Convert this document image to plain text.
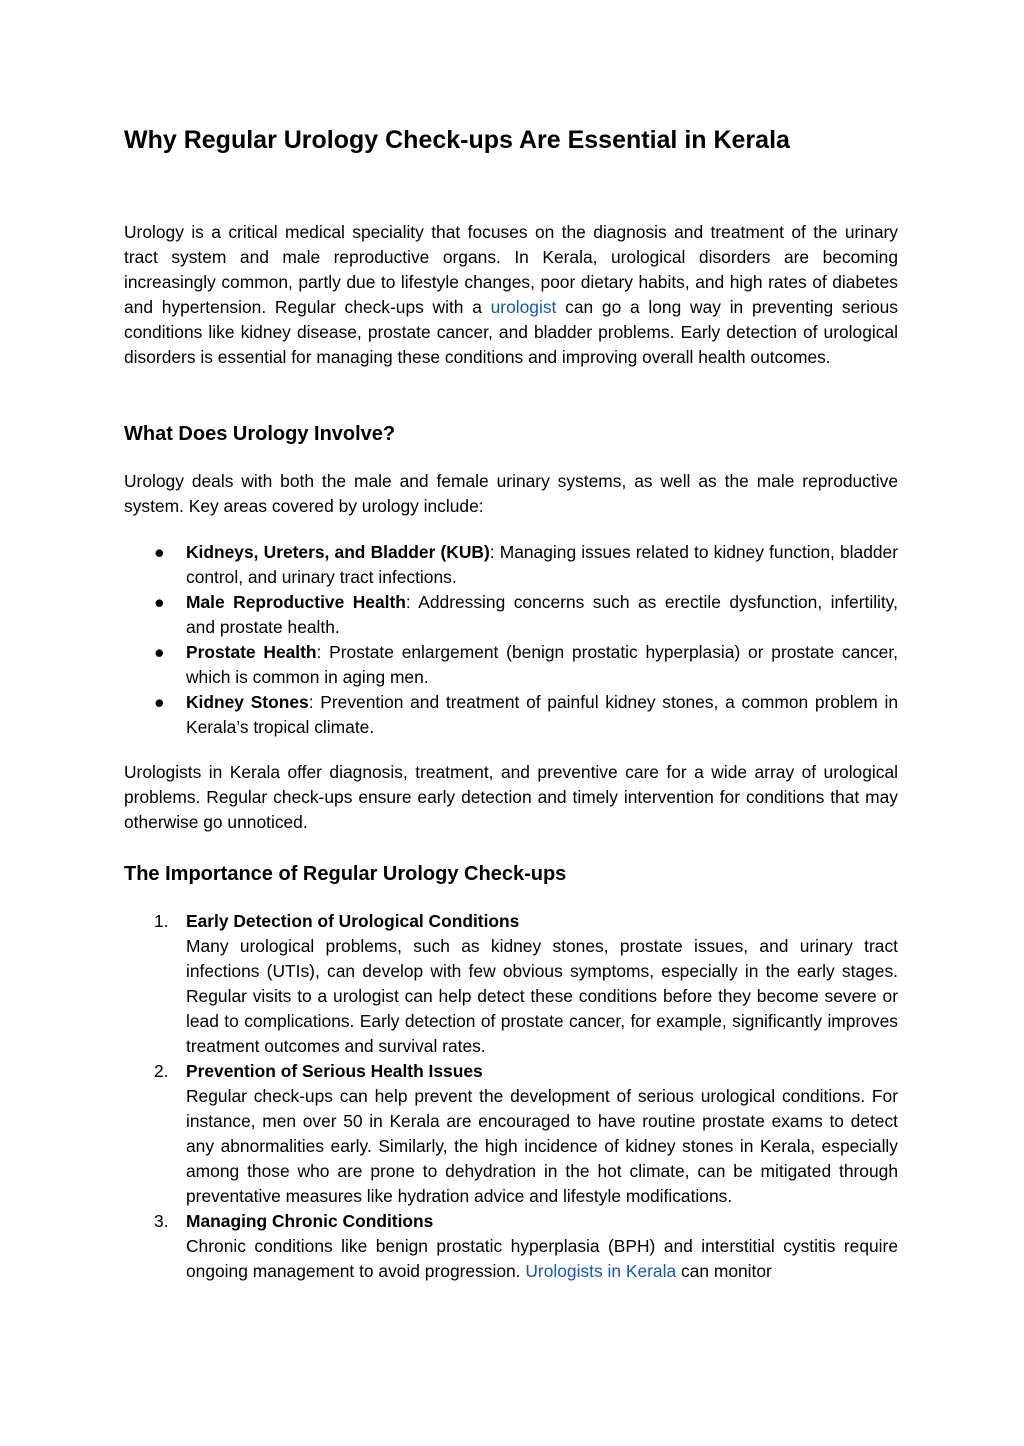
Why Regular Urology Check-ups Are Essential in Kerala

Urology is a critical medical speciality that focuses on the diagnosis and treatment of the urinary tract system and male reproductive organs. In Kerala, urological disorders are becoming increasingly common, partly due to lifestyle changes, poor dietary habits, and high rates of diabetes and hypertension. Regular check-ups with a urologist can go a long way in preventing serious conditions like kidney disease, prostate cancer, and bladder problems. Early detection of urological disorders is essential for managing these conditions and improving overall health outcomes.

What Does Urology Involve?

Urology deals with both the male and female urinary systems, as well as the male reproductive system. Key areas covered by urology include:

● Kidneys, Ureters, and Bladder (KUB): Managing issues related to kidney function, bladder control, and urinary tract infections.
● Male Reproductive Health: Addressing concerns such as erectile dysfunction, infertility, and prostate health.
● Prostate Health: Prostate enlargement (benign prostatic hyperplasia) or prostate cancer, which is common in aging men.
● Kidney Stones: Prevention and treatment of painful kidney stones, a common problem in Kerala’s tropical climate.

Urologists in Kerala offer diagnosis, treatment, and preventive care for a wide array of urological problems. Regular check-ups ensure early detection and timely intervention for conditions that may otherwise go unnoticed.

The Importance of Regular Urology Check-ups
1. Early Detection of Urological Conditions
Many urological problems, such as kidney stones, prostate issues, and urinary tract infections (UTIs), can develop with few obvious symptoms, especially in the early stages. Regular visits to a urologist can help detect these conditions before they become severe or lead to complications. Early detection of prostate cancer, for example, significantly improves treatment outcomes and survival rates.
2. Prevention of Serious Health Issues
Regular check-ups can help prevent the development of serious urological conditions. For instance, men over 50 in Kerala are encouraged to have routine prostate exams to detect any abnormalities early. Similarly, the high incidence of kidney stones in Kerala, especially among those who are prone to dehydration in the hot climate, can be mitigated through preventative measures like hydration advice and lifestyle modifications.
3. Managing Chronic Conditions
Chronic conditions like benign prostatic hyperplasia (BPH) and interstitial cystitis require ongoing management to avoid progression. Urologists in Kerala can monitor
